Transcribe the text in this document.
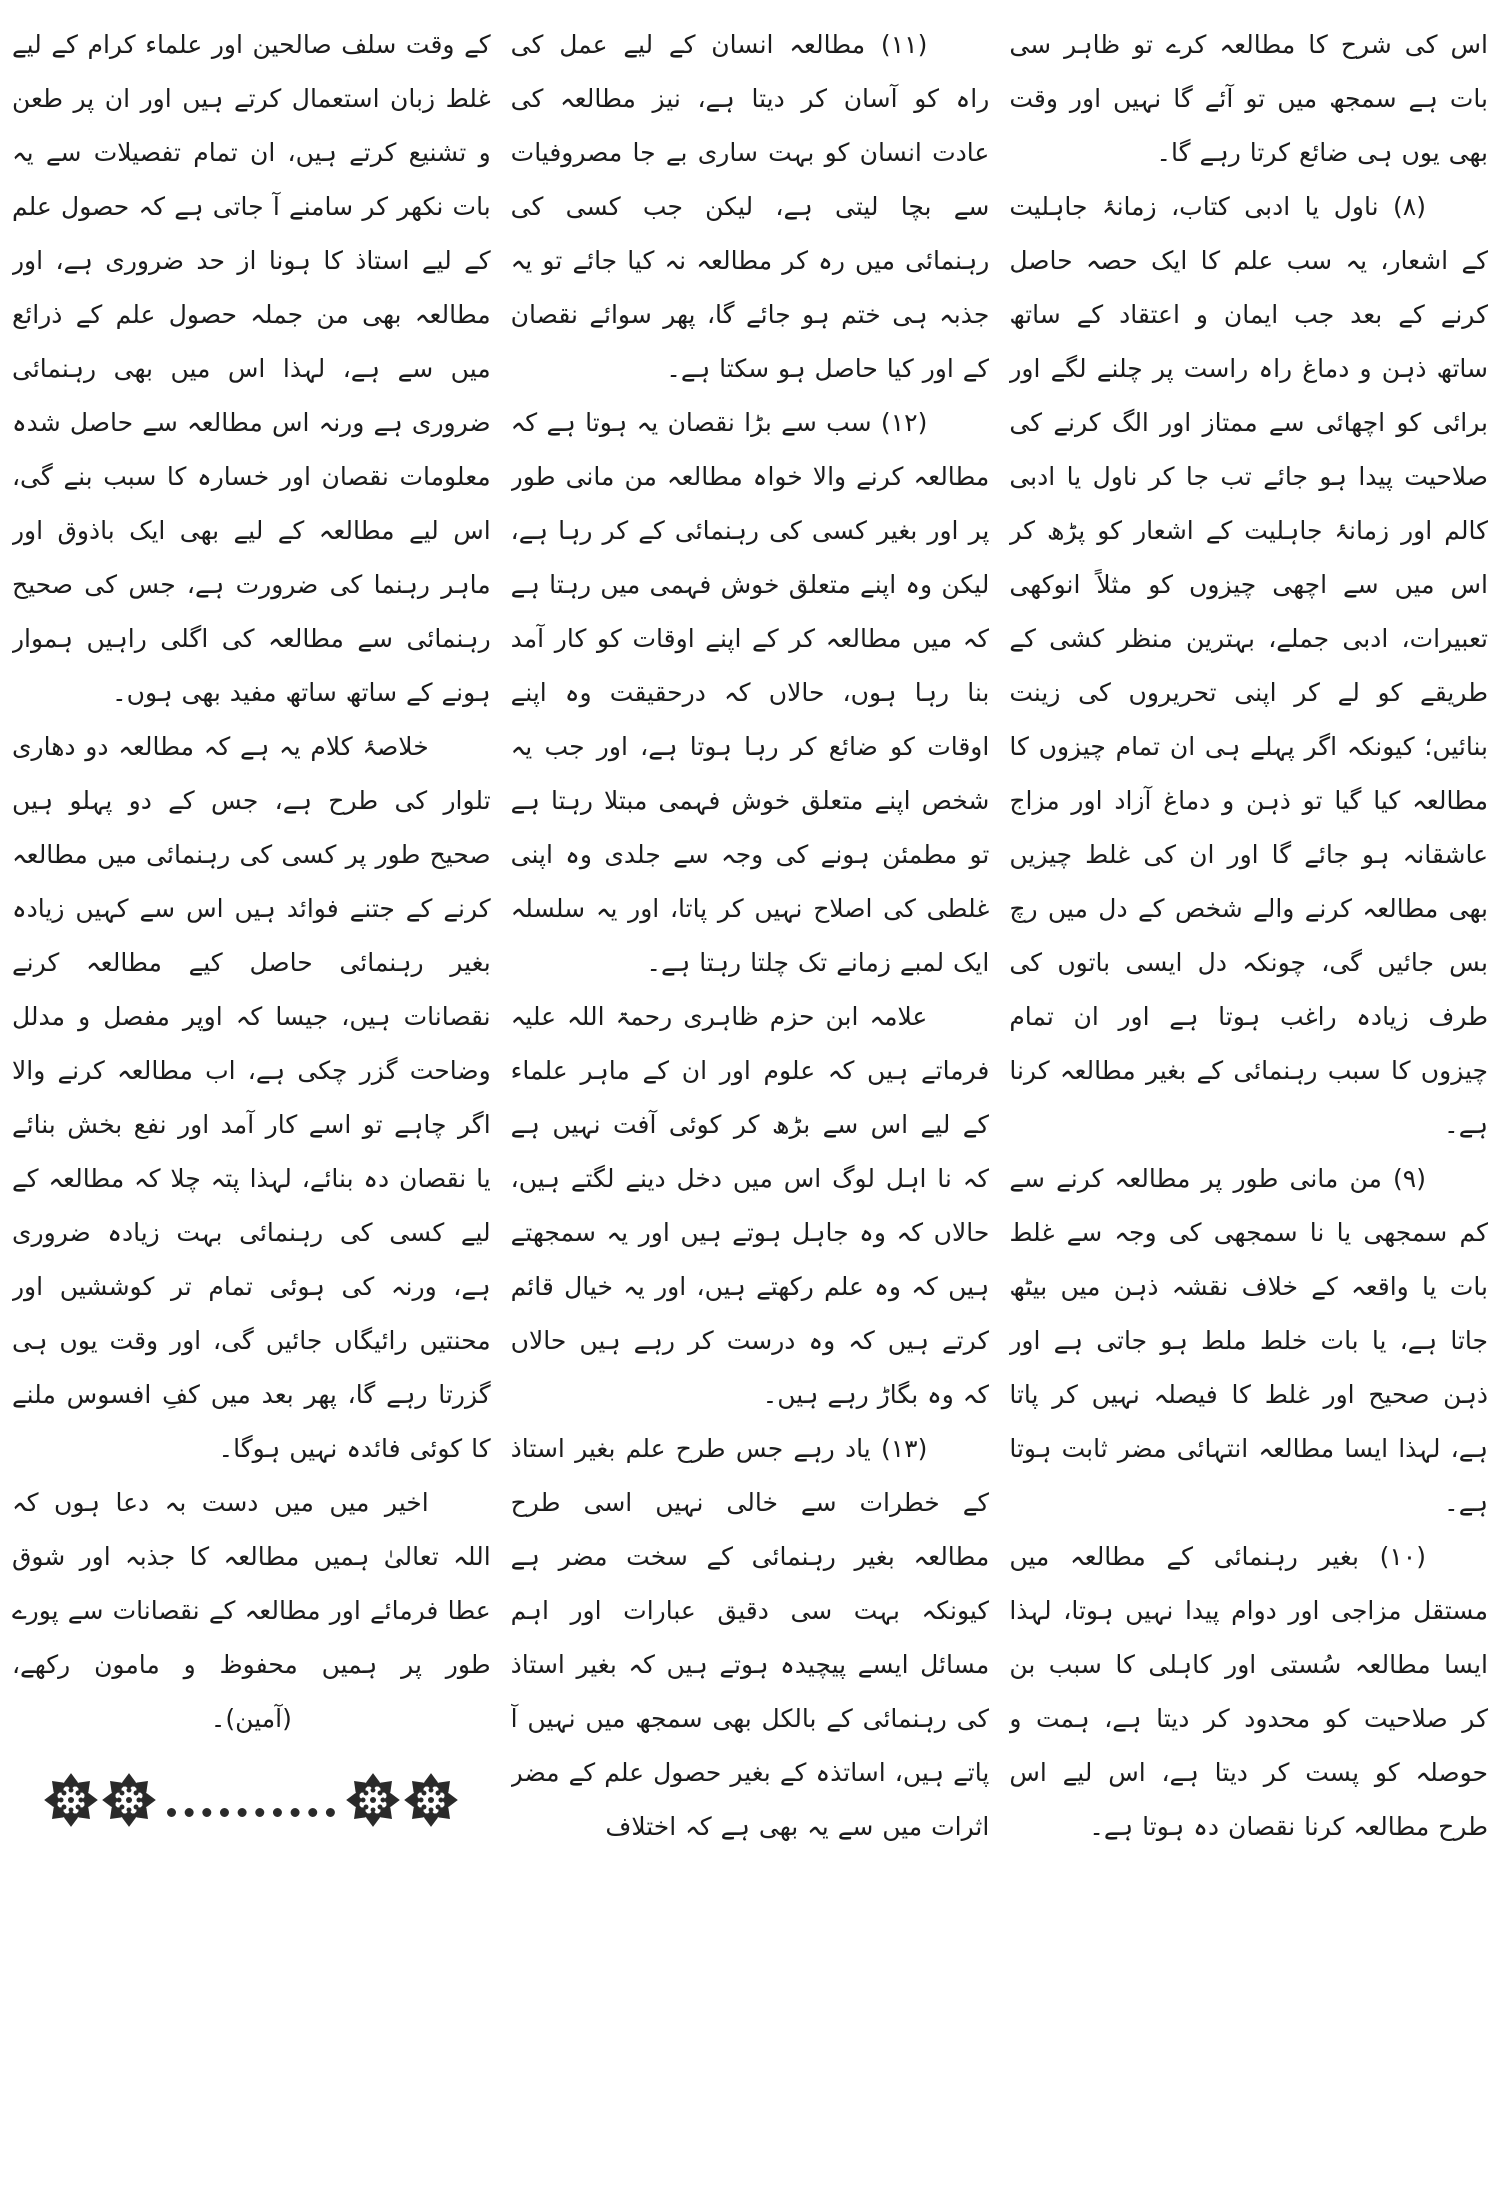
اس کی شرح کا مطالعہ کرے تو ظاہر سی بات ہے سمجھ میں تو آئے گا نہیں اور وقت بھی یوں ہی ضائع کرتا رہے گا۔

(۸) ناول یا ادبی کتاب، زمانۂ جاہلیت کے اشعار، یہ سب علم کا ایک حصہ حاصل کرنے کے بعد جب ایمان و اعتقاد کے ساتھ ساتھ ذہن و دماغ راہ راست پر چلنے لگے اور برائی کو اچھائی سے ممتاز اور الگ کرنے کی صلاحیت پیدا ہو جائے تب جا کر ناول یا ادبی کالم اور زمانۂ جاہلیت کے اشعار کو پڑھ کر اس میں سے اچھی چیزوں کو مثلاً انوکھی تعبیرات، ادبی جملے، بہترین منظر کشی کے طریقے کو لے کر اپنی تحریروں کی زینت بنائیں؛ کیونکہ اگر پہلے ہی ان تمام چیزوں کا مطالعہ کیا گیا تو ذہن و دماغ آزاد اور مزاج عاشقانہ ہو جائے گا اور ان کی غلط چیزیں بھی مطالعہ کرنے والے شخص کے دل میں رچ بس جائیں گی، چونکہ دل ایسی باتوں کی طرف زیادہ راغب ہوتا ہے اور ان تمام چیزوں کا سبب رہنمائی کے بغیر مطالعہ کرنا ہے۔

(۹) من مانی طور پر مطالعہ کرنے سے کم سمجھی یا نا سمجھی کی وجہ سے غلط بات یا واقعہ کے خلاف نقشہ ذہن میں بیٹھ جاتا ہے، یا بات خلط ملط ہو جاتی ہے اور ذہن صحیح اور غلط کا فیصلہ نہیں کر پاتا ہے، لہذا ایسا مطالعہ انتہائی مضر ثابت ہوتا ہے۔

(۱۰) بغیر رہنمائی کے مطالعہ میں مستقل مزاجی اور دوام پیدا نہیں ہوتا، لہذا ایسا مطالعہ سُستی اور کاہلی کا سبب بن کر صلاحیت کو محدود کر دیتا ہے، ہمت و حوصلہ کو پست کر دیتا ہے، اس لیے اس طرح مطالعہ کرنا نقصان دہ ہوتا ہے۔

(۱۱) مطالعہ انسان کے لیے عمل کی راہ کو آسان کر دیتا ہے، نیز مطالعہ کی عادت انسان کو بہت ساری بے جا مصروفیات سے بچا لیتی ہے، لیکن جب کسی کی رہنمائی میں رہ کر مطالعہ نہ کیا جائے تو یہ جذبہ ہی ختم ہو جائے گا، پھر سوائے نقصان کے اور کیا حاصل ہو سکتا ہے۔

(۱۲) سب سے بڑا نقصان یہ ہوتا ہے کہ مطالعہ کرنے والا خواہ مطالعہ من مانی طور پر اور بغیر کسی کی رہنمائی کے کر رہا ہے، لیکن وہ اپنے متعلق خوش فہمی میں رہتا ہے کہ میں مطالعہ کر کے اپنے اوقات کو کار آمد بنا رہا ہوں، حالاں کہ درحقیقت وہ اپنے اوقات کو ضائع کر رہا ہوتا ہے، اور جب یہ شخص اپنے متعلق خوش فہمی مبتلا رہتا ہے تو مطمئن ہونے کی وجہ سے جلدی وہ اپنی غلطی کی اصلاح نہیں کر پاتا، اور یہ سلسلہ ایک لمبے زمانے تک چلتا رہتا ہے۔

علامہ ابن حزم ظاہری رحمۃ اللہ علیہ فرماتے ہیں کہ علوم اور ان کے ماہر علماء کے لیے اس سے بڑھ کر کوئی آفت نہیں ہے کہ نا اہل لوگ اس میں دخل دینے لگتے ہیں، حالاں کہ وہ جاہل ہوتے ہیں اور یہ سمجھتے ہیں کہ وہ علم رکھتے ہیں، اور یہ خیال قائم کرتے ہیں کہ وہ درست کر رہے ہیں حالاں کہ وہ بگاڑ رہے ہیں۔

(۱۳) یاد رہے جس طرح علم بغیر استاذ کے خطرات سے خالی نہیں اسی طرح مطالعہ بغیر رہنمائی کے سخت مضر ہے کیونکہ بہت سی دقیق عبارات اور اہم مسائل ایسے پیچیدہ ہوتے ہیں کہ بغیر استاذ کی رہنمائی کے بالکل بھی سمجھ میں نہیں آ پاتے ہیں، اساتذہ کے بغیر حصول علم کے مضر اثرات میں سے یہ بھی ہے کہ اختلاف

کے وقت سلف صالحین اور علماء کرام کے لیے غلط زبان استعمال کرتے ہیں اور ان پر طعن و تشنیع کرتے ہیں، ان تمام تفصیلات سے یہ بات نکھر کر سامنے آ جاتی ہے کہ حصول علم کے لیے استاذ کا ہونا از حد ضروری ہے، اور مطالعہ بھی من جملہ حصول علم کے ذرائع میں سے ہے، لہذا اس میں بھی رہنمائی ضروری ہے ورنہ اس مطالعہ سے حاصل شدہ معلومات نقصان اور خسارہ کا سبب بنے گی، اس لیے مطالعہ کے لیے بھی ایک باذوق اور ماہر رہنما کی ضرورت ہے، جس کی صحیح رہنمائی سے مطالعہ کی اگلی راہیں ہموار ہونے کے ساتھ ساتھ مفید بھی ہوں۔

خلاصۂ کلام یہ ہے کہ مطالعہ دو دھاری تلوار کی طرح ہے، جس کے دو پہلو ہیں صحیح طور پر کسی کی رہنمائی میں مطالعہ کرنے کے جتنے فوائد ہیں اس سے کہیں زیادہ بغیر رہنمائی حاصل کیے مطالعہ کرنے نقصانات ہیں، جیسا کہ اوپر مفصل و مدلل وضاحت گزر چکی ہے، اب مطالعہ کرنے والا اگر چاہے تو اسے کار آمد اور نفع بخش بنائے یا نقصان دہ بنائے، لہذا پتہ چلا کہ مطالعہ کے لیے کسی کی رہنمائی بہت زیادہ ضروری ہے، ورنہ کی ہوئی تمام تر کوششیں اور محنتیں رائیگاں جائیں گی، اور وقت یوں ہی گزرتا رہے گا، پھر بعد میں کفِ افسوس ملنے کا کوئی فائدہ نہیں ہوگا۔

اخیر میں میں دست بہ دعا ہوں کہ اللہ تعالیٰ ہمیں مطالعہ کا جذبہ اور شوق عطا فرمائے اور مطالعہ کے نقصانات سے پورے طور پر ہمیں محفوظ و مامون رکھے، (آمین)۔
